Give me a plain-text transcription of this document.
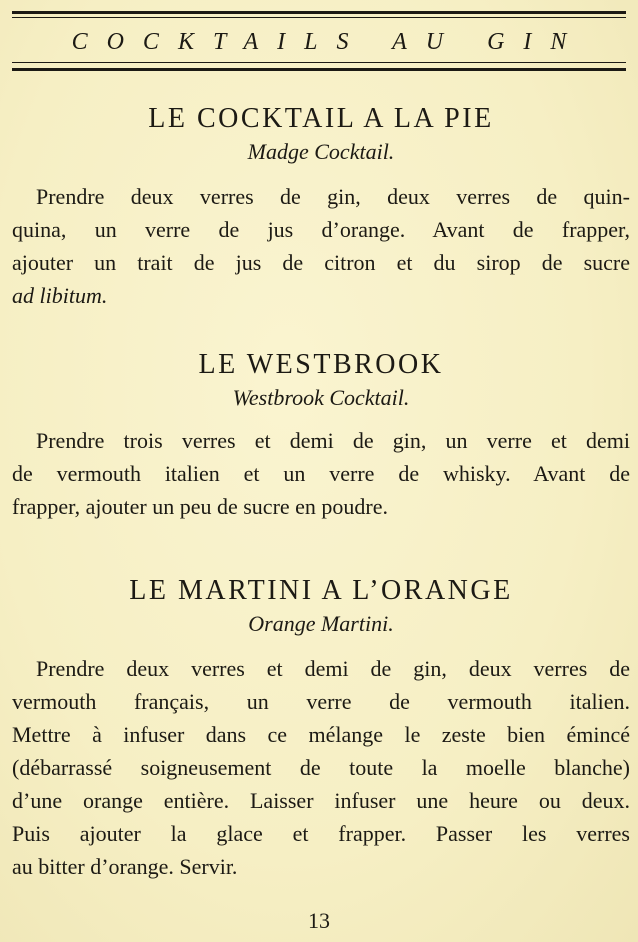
COCKTAILS AU GIN
LE COCKTAIL A LA PIE
Madge Cocktail.
Prendre deux verres de gin, deux verres de quin-
quina, un verre de jus d’orange. Avant de frapper,
ajouter un trait de jus de citron et du sirop de sucre
ad libitum.
LE WESTBROOK
Westbrook Cocktail.
Prendre trois verres et demi de gin, un verre et demi
de vermouth italien et un verre de whisky. Avant de
frapper, ajouter un peu de sucre en poudre.
LE MARTINI A L’ORANGE
Orange Martini.
Prendre deux verres et demi de gin, deux verres de
vermouth français, un verre de vermouth italien.
Mettre à infuser dans ce mélange le zeste bien émincé
(débarrassé soigneusement de toute la moelle blanche)
d’une orange entière. Laisser infuser une heure ou deux.
Puis ajouter la glace et frapper. Passer les verres
au bitter d’orange. Servir.
13
